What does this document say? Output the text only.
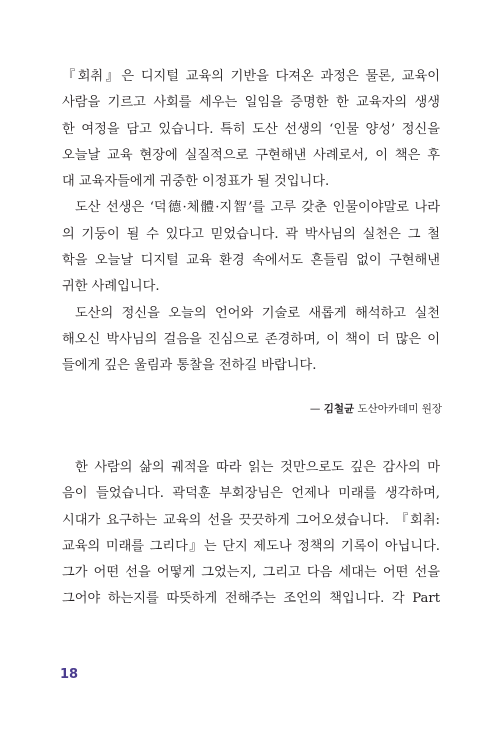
『회취』은 디지털 교육의 기반을 다져온 과정은 물론, 교육이
사람을 기르고 사회를 세우는 일임을 증명한 한 교육자의 생생
한 여정을 담고 있습니다. 특히 도산 선생의 ‘인물 양성’ 정신을
오늘날 교육 현장에 실질적으로 구현해낸 사례로서, 이 책은 후
대 교육자들에게 귀중한 이정표가 될 것입니다.
도산 선생은 ‘덕德·체體·지智’를 고루 갖춘 인물이야말로 나라
의 기둥이 될 수 있다고 믿었습니다. 곽 박사님의 실천은 그 철
학을 오늘날 디지털 교육 환경 속에서도 흔들림 없이 구현해낸
귀한 사례입니다.
도산의 정신을 오늘의 언어와 기술로 새롭게 해석하고 실천
해오신 박사님의 걸음을 진심으로 존경하며, 이 책이 더 많은 이
들에게 깊은 울림과 통찰을 전하길 바랍니다.
— 김철균 도산아카데미 원장
한 사람의 삶의 궤적을 따라 읽는 것만으로도 깊은 감사의 마
음이 들었습니다. 곽덕훈 부회장님은 언제나 미래를 생각하며,
시대가 요구하는 교육의 선을 끗끗하게 그어오셨습니다. 『회취:
교육의 미래를 그리다』는 단지 제도나 정책의 기록이 아닙니다.
그가 어떤 선을 어떻게 그었는지, 그리고 다음 세대는 어떤 선을
그어야 하는지를 따뜻하게 전해주는 조언의 책입니다. 각 Part
18
